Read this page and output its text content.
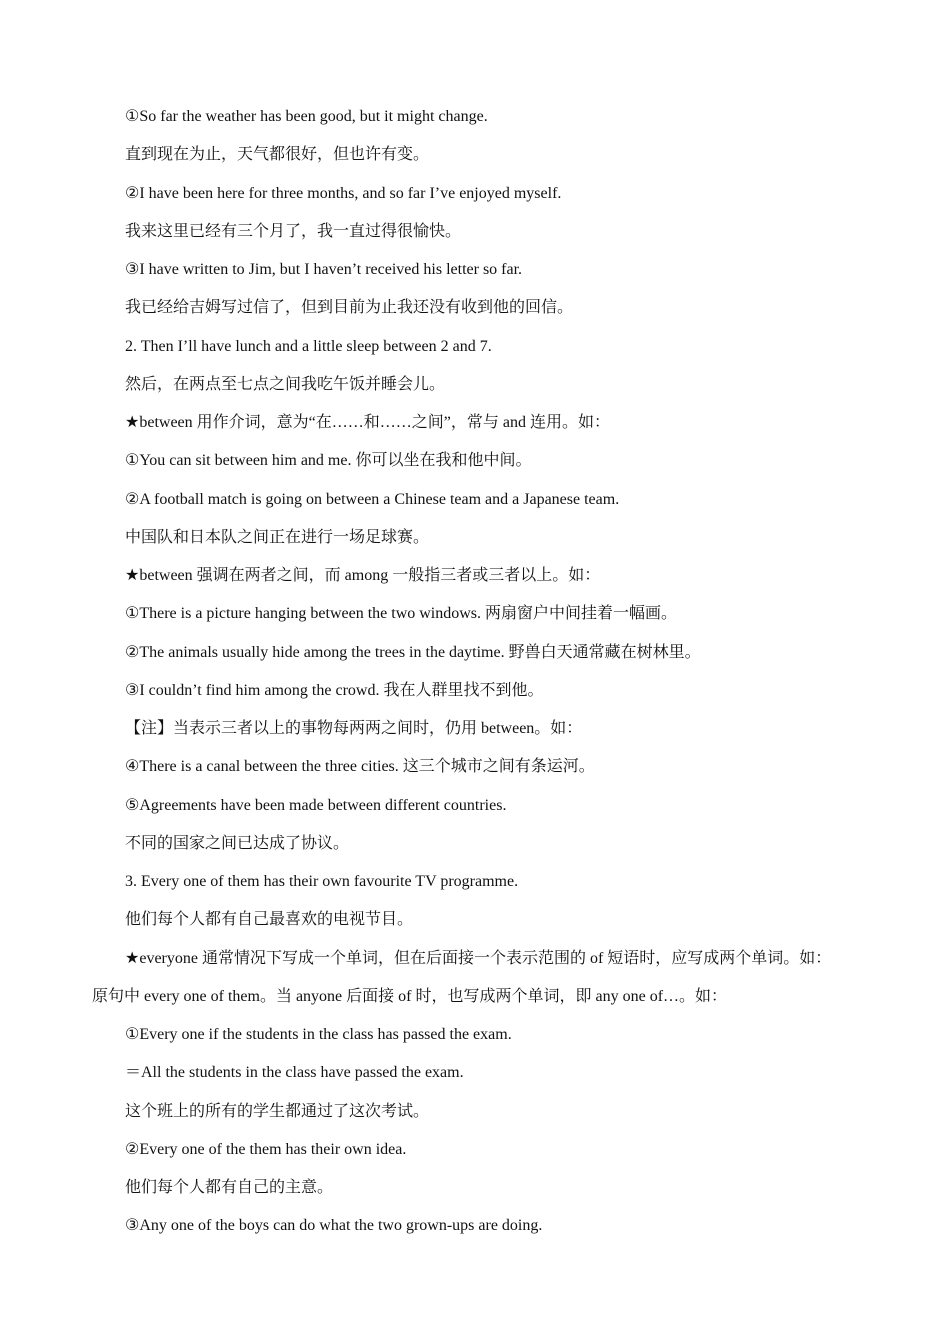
①So far the weather has been good, but it might change.
直到现在为止，天气都很好，但也许有变。
②I have been here for three months, and so far I’ve enjoyed myself.
我来这里已经有三个月了，我一直过得很愉快。
③I have written to Jim, but I haven’t received his letter so far.
我已经给吉姆写过信了，但到目前为止我还没有收到他的回信。
2. Then I’ll have lunch and a little sleep between 2 and 7.
然后，在两点至七点之间我吃午饭并睡会儿。
★between 用作介词，意为“在……和……之间”，常与 and 连用。如：
①You can sit between him and me. 你可以坐在我和他中间。
②A football match is going on between a Chinese team and a Japanese team.
中国队和日本队之间正在进行一场足球赛。
★between 强调在两者之间，而 among 一般指三者或三者以上。如：
①There is a picture hanging between the two windows. 两扇窗户中间挂着一幅画。
②The animals usually hide among the trees in the daytime. 野兽白天通常藏在树林里。
③I couldn’t find him among the crowd. 我在人群里找不到他。
【注】当表示三者以上的事物每两两之间时，仍用 between。如：
④There is a canal between the three cities. 这三个城市之间有条运河。
⑤Agreements have been made between different countries.
不同的国家之间已达成了协议。
3. Every one of them has their own favourite TV programme.
他们每个人都有自己最喜欢的电视节目。
★everyone 通常情况下写成一个单词，但在后面接一个表示范围的 of 短语时，应写成两个单词。如：
原句中 every one of them。当 anyone 后面接 of 时，也写成两个单词，即 any one of…。如：
①Every one if the students in the class has passed the exam.
＝All the students in the class have passed the exam.
这个班上的所有的学生都通过了这次考试。
②Every one of the them has their own idea.
他们每个人都有自己的主意。
③Any one of the boys can do what the two grown-ups are doing.
